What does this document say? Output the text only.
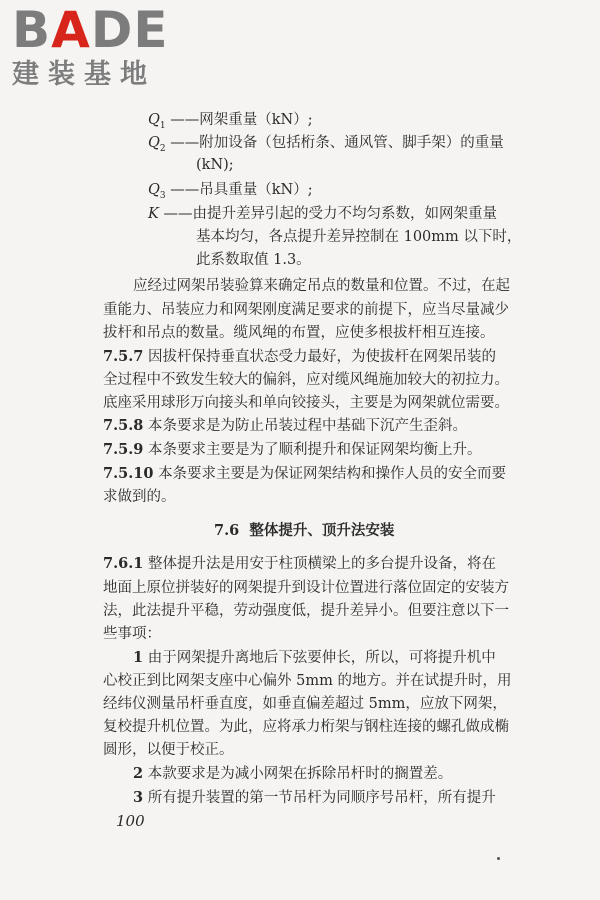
BADE
建装基地
$Q_1$ ——网架重量（kN）;
$Q_2$ ——附加设备（包括桁条、通风管、脚手架）的重量
(kN);
$Q_3$ ——吊具重量（kN）;
K ——由提升差异引起的受力不均匀系数，如网架重量
基本均匀，各点提升差异控制在 100mm 以下时，
此系数取值 1.3。
应经过网架吊装验算来确定吊点的数量和位置。不过，在起
重能力、吊装应力和网架刚度满足要求的前提下，应当尽量减少
拔杆和吊点的数量。缆风绳的布置，应使多根拔杆相互连接。
7.5.7 因拔杆保持垂直状态受力最好，为使拔杆在网架吊装的
全过程中不致发生较大的偏斜，应对缆风绳施加较大的初拉力。
底座采用球形万向接头和单向铰接头，主要是为网架就位需要。
7.5.8 本条要求是为防止吊装过程中基础下沉产生歪斜。
7.5.9 本条要求主要是为了顺利提升和保证网架均衡上升。
7.5.10 本条要求主要是为保证网架结构和操作人员的安全而要
求做到的。
7.6 整体提升、顶升法安装
7.6.1 整体提升法是用安于柱顶横梁上的多台提升设备，将在
地面上原位拼装好的网架提升到设计位置进行落位固定的安装方
法，此法提升平稳，劳动强度低，提升差异小。但要注意以下一
些事项：
1 由于网架提升离地后下弦要伸长，所以，可将提升机中
心校正到比网架支座中心偏外 5mm 的地方。并在试提升时，用
经纬仪测量吊杆垂直度，如垂直偏差超过 5mm，应放下网架，
复校提升机位置。为此，应将承力桁架与钢柱连接的螺孔做成椭
圆形，以便于校正。
2 本款要求是为减小网架在拆除吊杆时的搁置差。
3 所有提升装置的第一节吊杆为同顺序号吊杆，所有提升
100
